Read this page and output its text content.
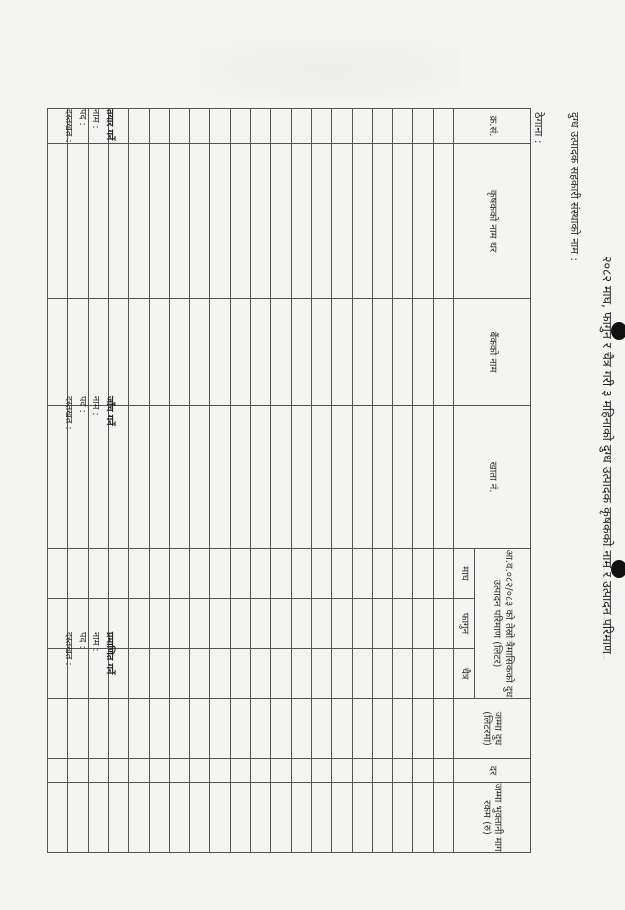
२०८२ माघ, फागुन र चैत्र गरी ३ महिनाको दुग्ध उत्पादक कृषकको नाम र उत्पादन परिमाण
दुग्ध उत्पादक सहकारी संस्थाको नाम :
ठेगाना :
क्र.सं.	कृषकको नाम थर	बैंकको नाम	खाता नं.	आ.व.०८२/०८३ को तेस्रो त्रैमासिकको दुध उत्पादन परिमाण (लिटर)			जम्मा दुध (लिटरमा)	दर	जम्मा भुक्तानी माग रकम (रु)
				माघ	फागुन	चैत्र			

तयार गर्ने
नाम :
पद :
दस्तखत :
जाँच गर्ने
नाम :
पद :
दस्तखत :
प्रमाणित गर्ने
नाम :
पद :
दस्तखत :
